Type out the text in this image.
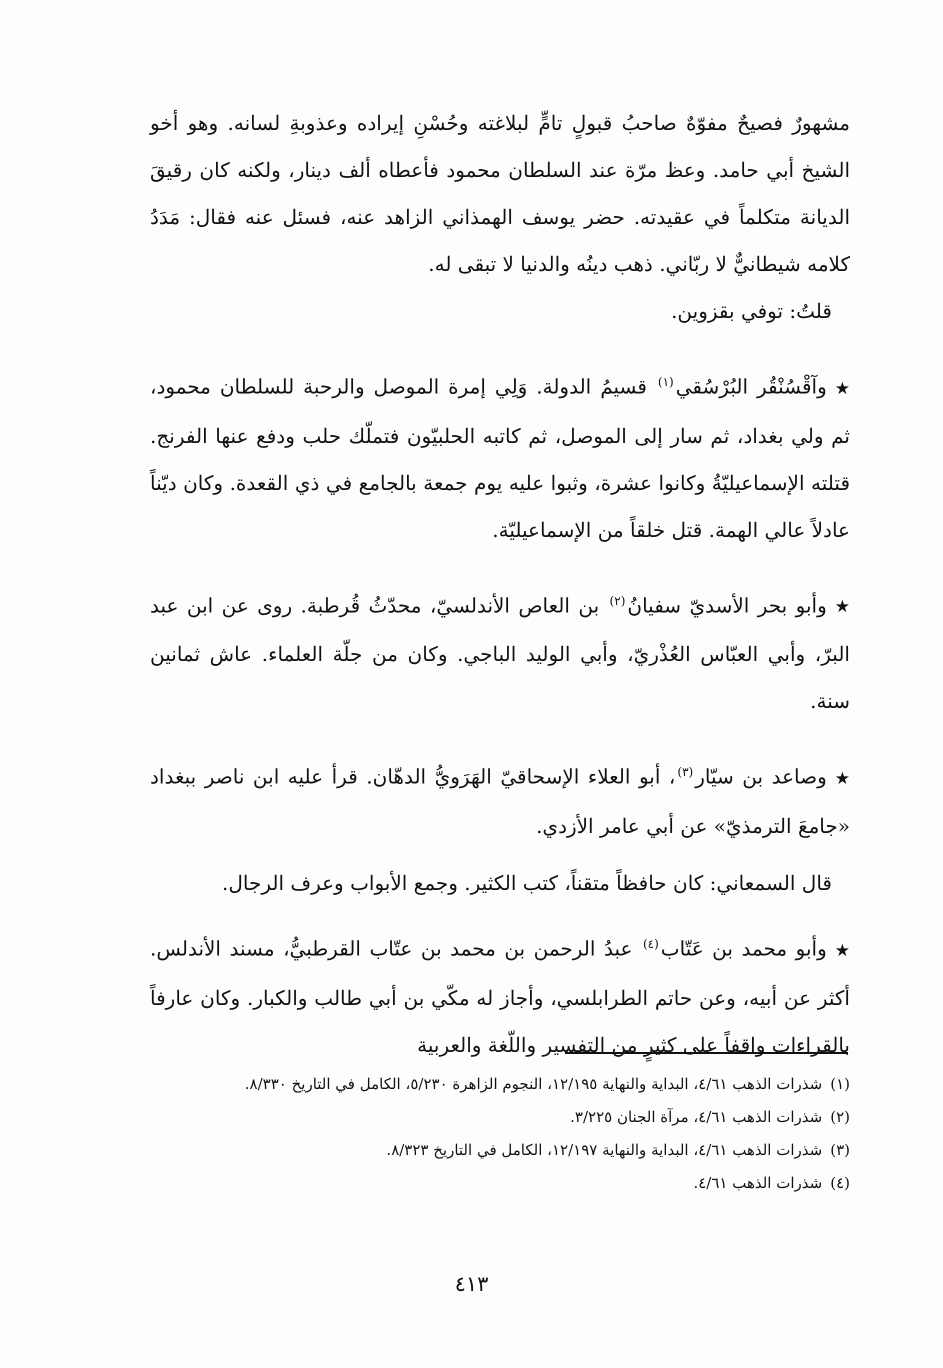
مشهورٌ فصيحٌ مفوّهٌ صاحبُ قبولٍ تامٍّ لبلاغته وحُسْنِ إيراده وعذوبةِ لسانه. وهو أخو الشيخ أبي حامد. وعظ مرّة عند السلطان محمود فأعطاه ألف دينار، ولكنه كان رقيقَ الديانة متكلماً في عقيدته. حضر يوسف الهمذاني الزاهد عنه، فسئل عنه فقال: مَدَدُ كلامه شيطانيٌّ لا ربّاني. ذهب دينُه والدنيا لا تبقى له.

قلتُ: توفي بقزوين.

★وآقْسُنْقُر البُرْسُقي$^{(١)}$ قسيمُ الدولة. وَلِي إمرة الموصل والرحبة للسلطان محمود، ثم ولي بغداد، ثم سار إلى الموصل، ثم كاتبه الحلبيّون فتملّك حلب ودفع عنها الفرنج. قتلته الإسماعيليّةُ وكانوا عشرة، وثبوا عليه يوم جمعة بالجامع في ذي القعدة. وكان ديّناً عادلاً عالي الهمة. قتل خلقاً من الإسماعيليّة.

★وأبو بحر الأسديّ سفيانُ$^{(٢)}$ بن العاص الأندلسيّ، محدّثُ قُرطبة. روى عن ابن عبد البرّ، وأبي العبّاس العُذْريّ، وأبي الوليد الباجي. وكان من جلّة العلماء. عاش ثمانين سنة.

★وصاعد بن سيّار$^{(٣)}$، أبو العلاء الإسحاقيّ الهَرَويُّ الدهّان. قرأ عليه ابن ناصر ببغداد «جامعَ الترمذيّ» عن أبي عامر الأزدي.

قال السمعاني: كان حافظاً متقناً، كتب الكثير. وجمع الأبواب وعرف الرجال.

★وأبو محمد بن عَتّاب$^{(٤)}$ عبدُ الرحمن بن محمد بن عتّاب القرطبيُّ، مسند الأندلس. أكثر عن أبيه، وعن حاتم الطرابلسي، وأجاز له مكّي بن أبي طالب والكبار. وكان عارفاً بالقراءات واقفاً على كثيرٍ من التفسير واللّغة والعربية

(١)شذرات الذهب ٤/٦١، البداية والنهاية ١٢/١٩٥، النجوم الزاهرة ٥/٢٣٠، الكامل في التاريخ ٨/٣٣٠.

(٢)شذرات الذهب ٤/٦١، مرآة الجنان ٣/٢٢٥.

(٣)شذرات الذهب ٤/٦١، البداية والنهاية ١٢/١٩٧، الكامل في التاريخ ٨/٣٢٣.

(٤)شذرات الذهب ٤/٦١.

٤١٣
